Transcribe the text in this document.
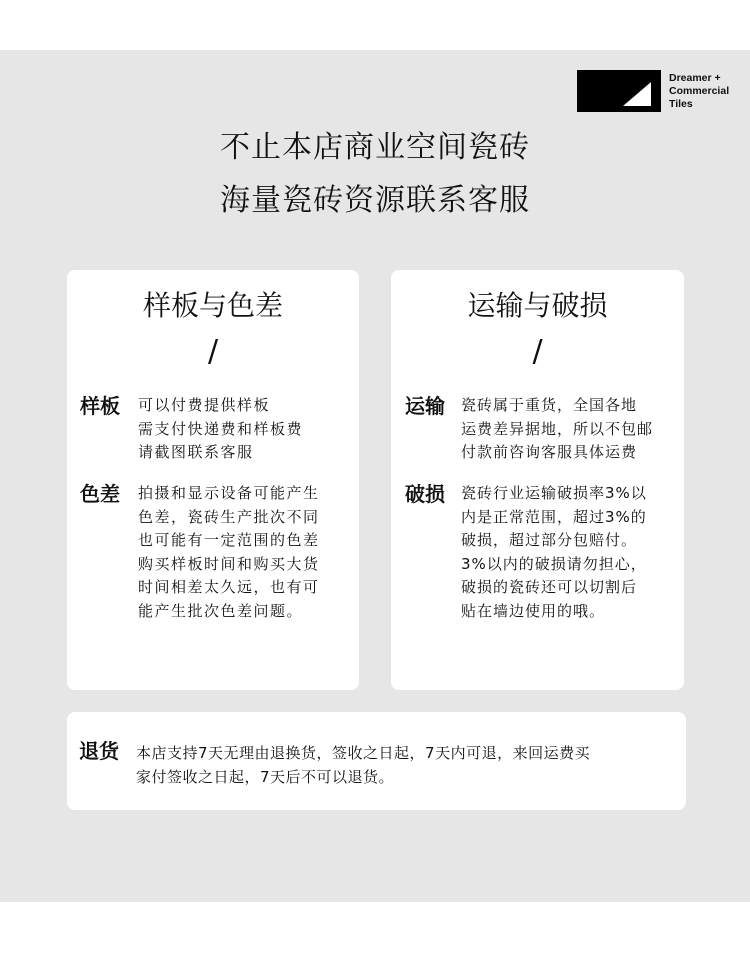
Dreamer +
Commercial
Tiles
不止本店商业空间瓷砖
海量瓷砖资源联系客服
样板与色差
/
样板	可以付费提供样板
需支付快递费和样板费
请截图联系客服
色差	拍摄和显示设备可能产生
色差，瓷砖生产批次不同
也可能有一定范围的色差
购买样板时间和购买大货
时间相差太久远，也有可
能产生批次色差问题。
运输与破损
/
运输	瓷砖属于重货，全国各地
运费差异据地，所以不包邮
付款前咨询客服具体运费
破损	瓷砖行业运输破损率3%以
内是正常范围，超过3%的
破损，超过部分包赔付。
3%以内的破损请勿担心，
破损的瓷砖还可以切割后
贴在墙边使用的哦。
退货 本店支持7天无理由退换货，签收之日起，7天内可退，来回运费买
家付签收之日起，7天后不可以退货。
